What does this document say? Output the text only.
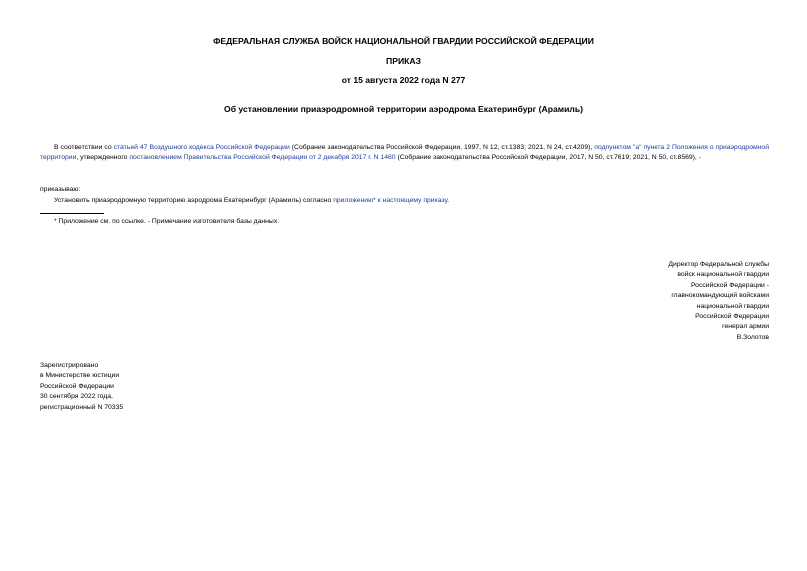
ФЕДЕРАЛЬНАЯ СЛУЖБА ВОЙСК НАЦИОНАЛЬНОЙ ГВАРДИИ РОССИЙСКОЙ ФЕДЕРАЦИИ
ПРИКАЗ
от 15 августа 2022 года N 277
Об установлении приаэродромной территории аэродрома Екатеринбург (Арамиль)
В соответствии со статьей 47 Воздушного кодекса Российской Федерации (Собрание законодательства Российской Федерации, 1997, N 12, ст.1383; 2021, N 24, ст.4209), подпунктом "а" пункта 2 Положения о приаэродромной территории, утвержденного постановлением Правительства Российской Федерации от 2 декабря 2017 г. N 1460 (Собрание законодательства Российской Федерации, 2017, N 50, ст.7619; 2021, N 50, ст.8569), -
приказываю:
Установить приаэродромную территорию аэродрома Екатеринбург (Арамиль) согласно приложению* к настоящему приказу.
* Приложение см. по ссылке. - Примечание изготовителя базы данных.
Директор Федеральной службы
войск национальной гвардии
Российской Федерации -
главнокомандующий войсками
национальной гвардии
Российской Федерации
генерал армии
В.Золотов
Зарегистрировано
в Министерстве юстиции
Российской Федерации
30 сентября 2022 года,
регистрационный N 70335
